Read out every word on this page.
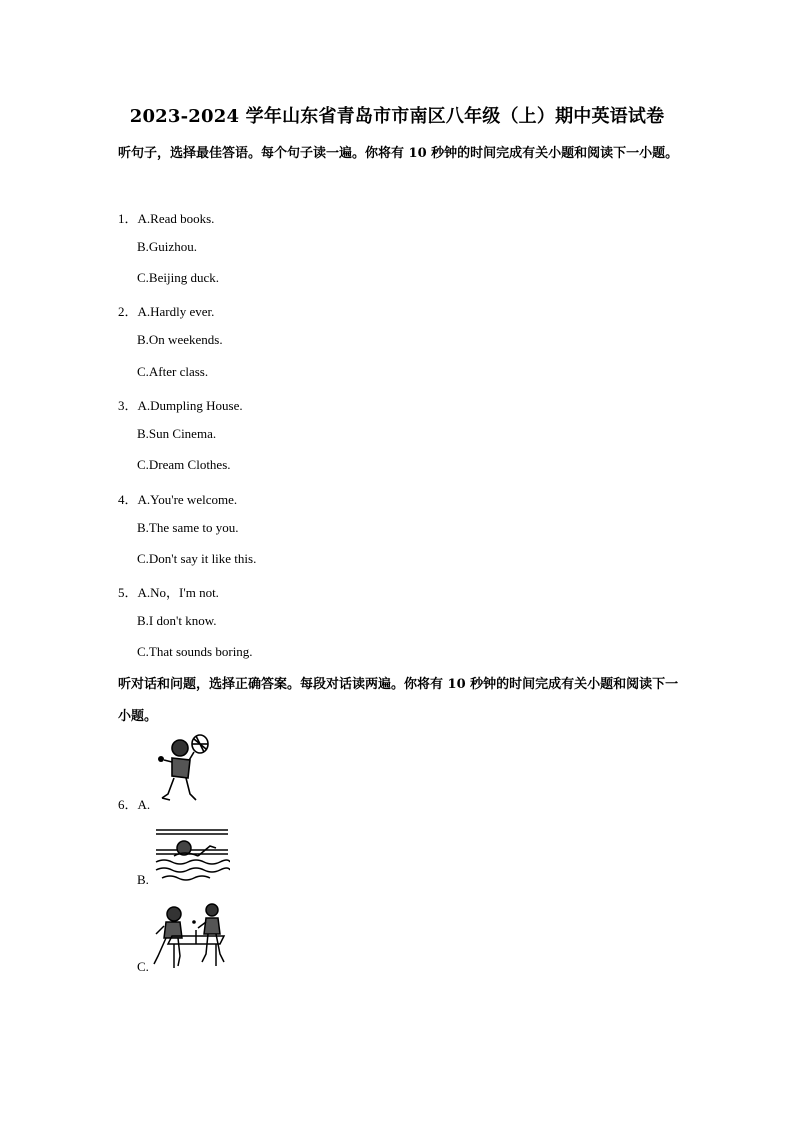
2023-2024 学年山东省青岛市市南区八年级（上）期中英语试卷
听句子，选择最佳答语。每个句子读一遍。你将有 10 秒钟的时间完成有关小题和阅读下一小题。
1．A.Read books.
B.Guizhou.
C.Beijing duck.
2．A.Hardly ever.
B.On weekends.
C.After class.
3．A.Dumpling House.
B.Sun Cinema.
C.Dream Clothes.
4．A.You're welcome.
B.The same to you.
C.Don't say it like this.
5．A.No，I'm not.
B.I don't know.
C.That sounds boring.
听对话和问题，选择正确答案。每段对话读两遍。你将有 10 秒钟的时间完成有关小题和阅读下一小题。
6．A.
B.
C.
